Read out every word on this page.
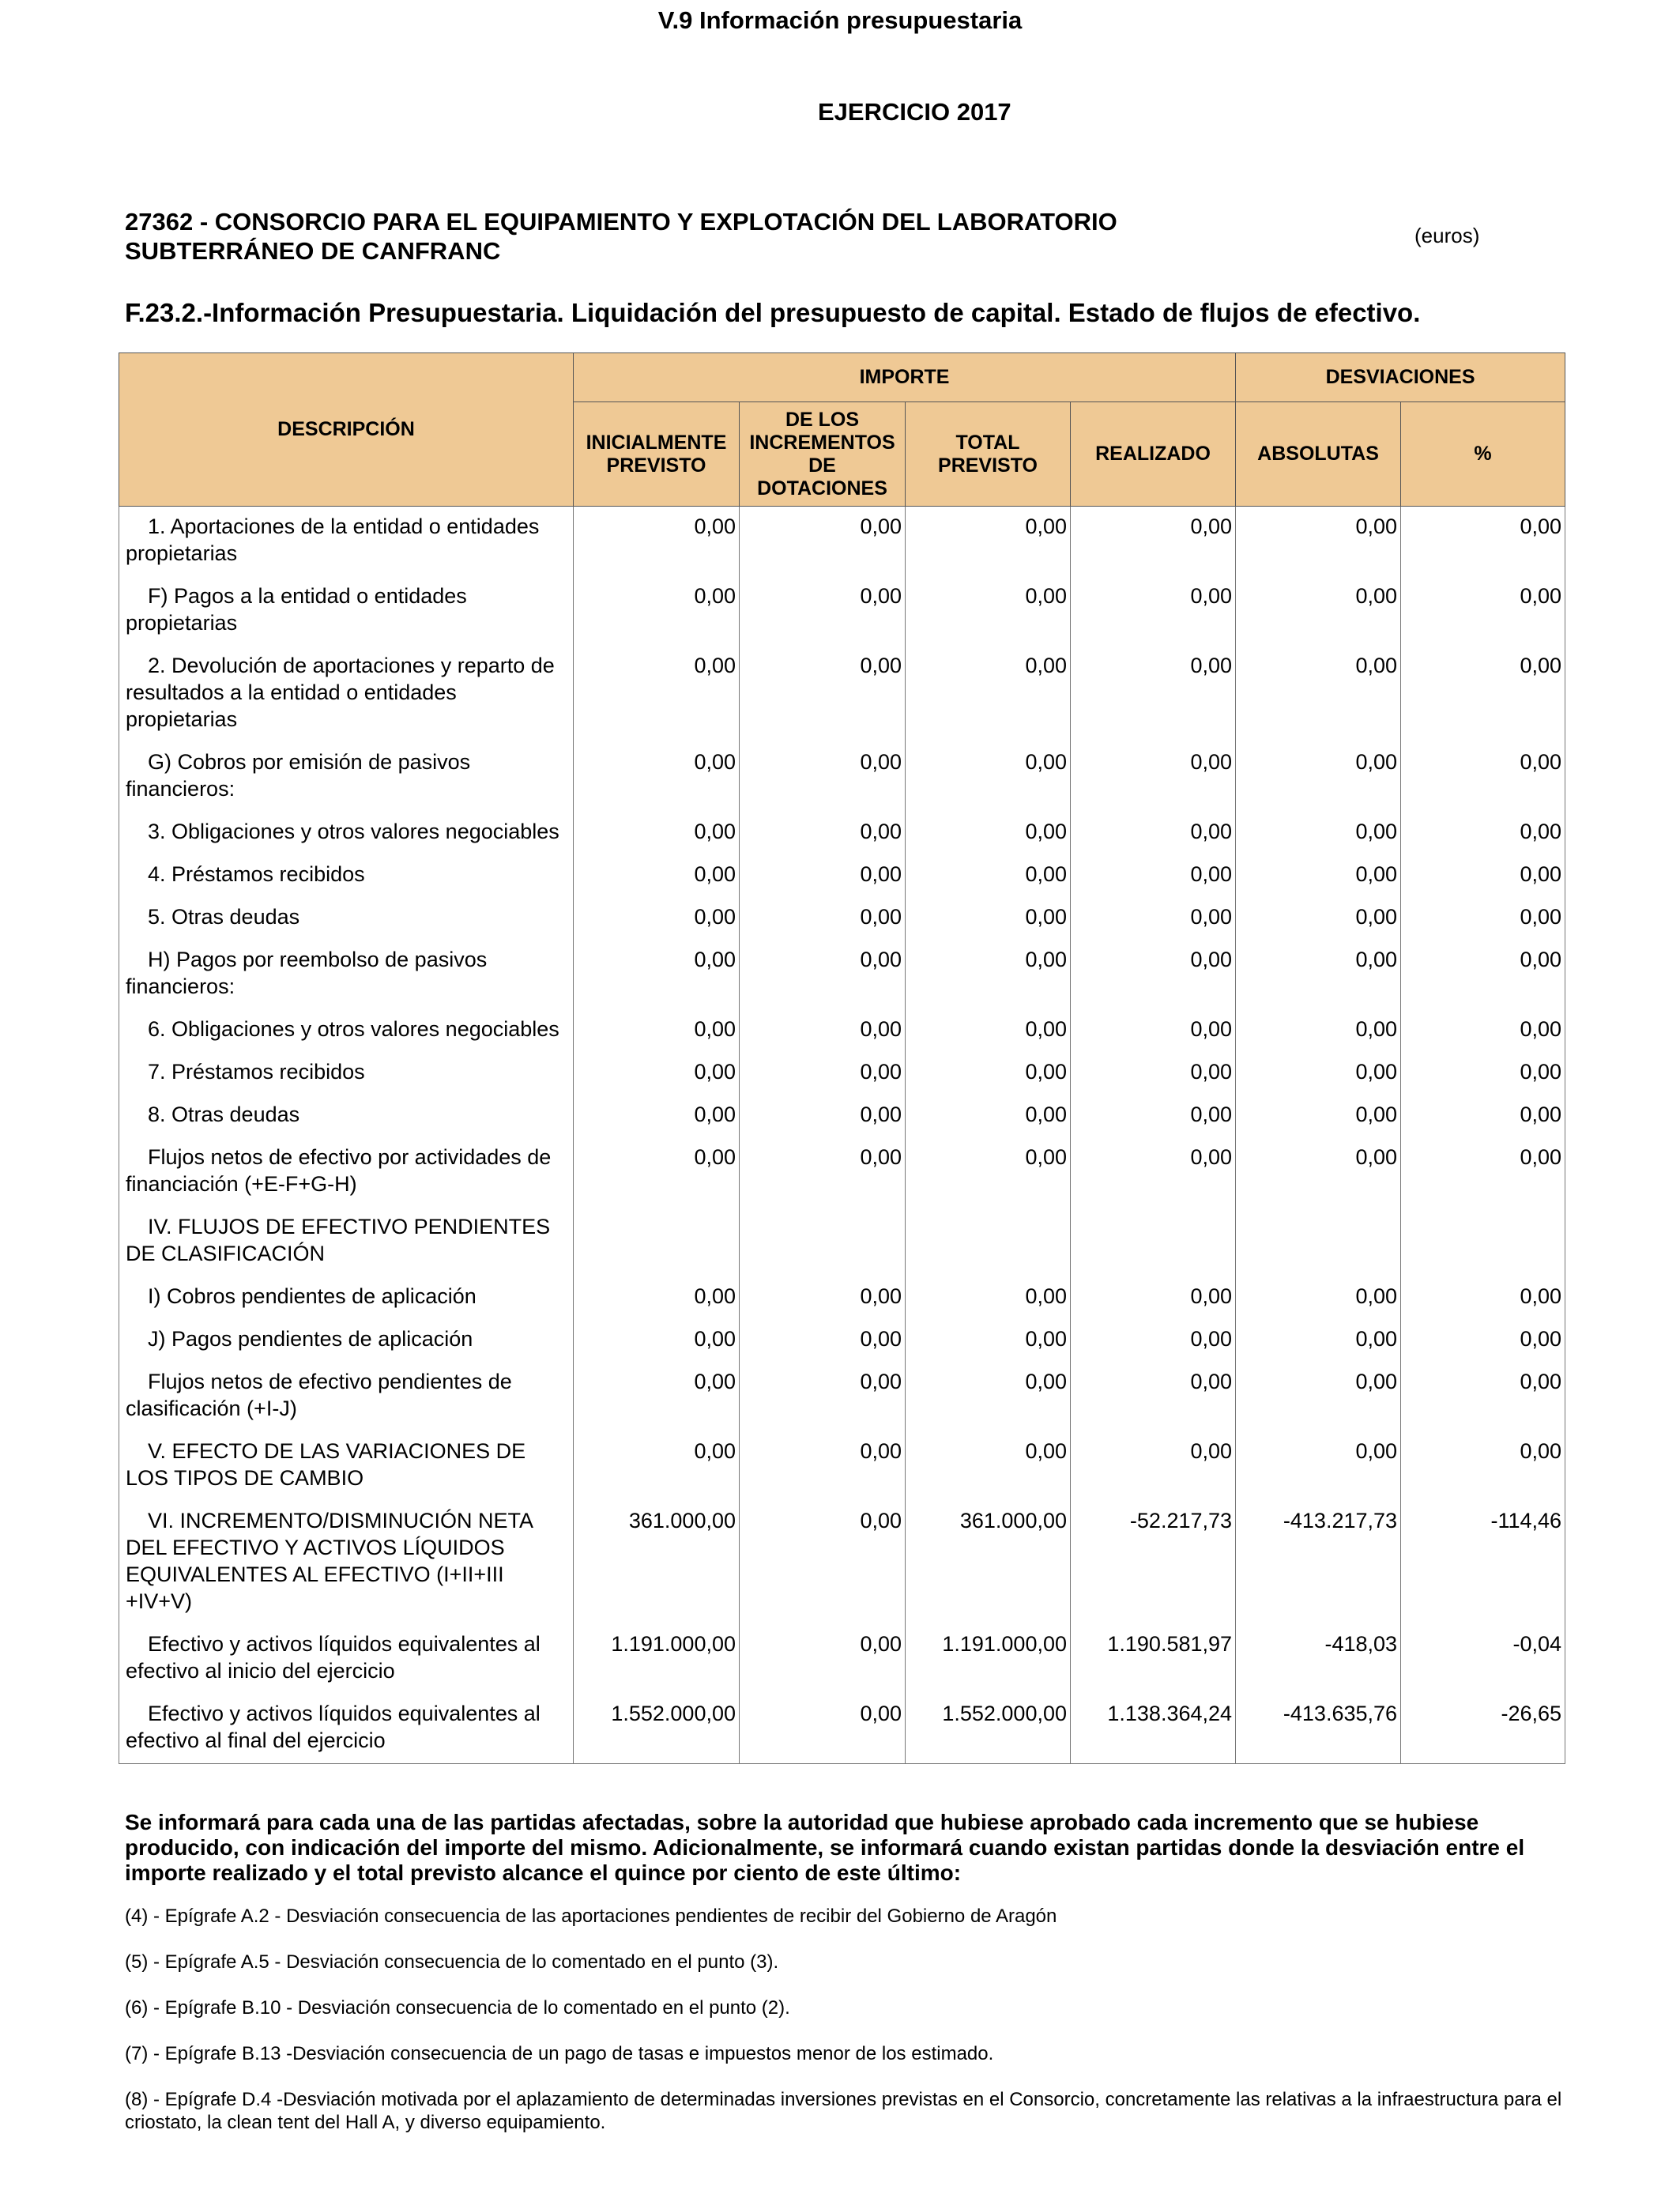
V.9 Información presupuestaria
EJERCICIO 2017
27362 - CONSORCIO PARA EL EQUIPAMIENTO Y EXPLOTACIÓN DEL LABORATORIO SUBTERRÁNEO DE CANFRANC
(euros)
F.23.2.-Información Presupuestaria. Liquidación del presupuesto de capital. Estado de flujos de efectivo.
DESCRIPCIÓN	IMPORTE				DESVIACIONES	
	INICIALMENTE PREVISTO	DE LOS INCREMENTOS DE DOTACIONES	TOTAL PREVISTO	REALIZADO	ABSOLUTAS	%

1. Aportaciones de la entidad o entidades propietarias	0,00	0,00	0,00	0,00	0,00	0,00

F) Pagos a la entidad o entidades propietarias	0,00	0,00	0,00	0,00	0,00	0,00

2. Devolución de aportaciones y reparto de resultados a la entidad o entidades propietarias	0,00	0,00	0,00	0,00	0,00	0,00

G) Cobros por emisión de pasivos financieros:	0,00	0,00	0,00	0,00	0,00	0,00

3. Obligaciones y otros valores negociables	0,00	0,00	0,00	0,00	0,00	0,00

4. Préstamos recibidos	0,00	0,00	0,00	0,00	0,00	0,00

5. Otras deudas	0,00	0,00	0,00	0,00	0,00	0,00

H) Pagos por reembolso de pasivos financieros:	0,00	0,00	0,00	0,00	0,00	0,00

6. Obligaciones y otros valores negociables	0,00	0,00	0,00	0,00	0,00	0,00

7. Préstamos recibidos	0,00	0,00	0,00	0,00	0,00	0,00

8. Otras deudas	0,00	0,00	0,00	0,00	0,00	0,00

Flujos netos de efectivo por actividades de financiación (+E-F+G-H)	0,00	0,00	0,00	0,00	0,00	0,00

IV. FLUJOS DE EFECTIVO PENDIENTES DE CLASIFICACIÓN						

I) Cobros pendientes de aplicación	0,00	0,00	0,00	0,00	0,00	0,00

J) Pagos pendientes de aplicación	0,00	0,00	0,00	0,00	0,00	0,00

Flujos netos de efectivo pendientes de clasificación (+I-J)	0,00	0,00	0,00	0,00	0,00	0,00

V. EFECTO DE LAS VARIACIONES DE LOS TIPOS DE CAMBIO	0,00	0,00	0,00	0,00	0,00	0,00

VI. INCREMENTO/DISMINUCIÓN NETA DEL EFECTIVO Y ACTIVOS LÍQUIDOS EQUIVALENTES AL EFECTIVO (I+II+III +IV+V)	361.000,00	0,00	361.000,00	-52.217,73	-413.217,73	-114,46

Efectivo y activos líquidos equivalentes al efectivo al inicio del ejercicio	1.191.000,00	0,00	1.191.000,00	1.190.581,97	-418,03	-0,04

Efectivo y activos líquidos equivalentes al efectivo al final del ejercicio	1.552.000,00	0,00	1.552.000,00	1.138.364,24	-413.635,76	-26,65
Se informará para cada una de las partidas afectadas, sobre la autoridad que hubiese aprobado cada incremento que se hubiese producido, con indicación del importe del mismo. Adicionalmente, se informará cuando existan partidas donde la desviación entre el importe realizado y el total previsto alcance el quince por ciento de este último:

(4) - Epígrafe A.2 - Desviación consecuencia de las aportaciones pendientes de recibir del Gobierno de Aragón

(5) - Epígrafe A.5 - Desviación consecuencia de lo comentado en el punto (3).

(6) - Epígrafe B.10 - Desviación consecuencia de lo comentado en el punto (2).

(7) - Epígrafe B.13 -Desviación consecuencia de un pago de tasas e impuestos menor de los estimado.

(8) - Epígrafe D.4 -Desviación motivada por el aplazamiento de determinadas inversiones previstas en el Consorcio, concretamente las relativas a la infraestructura para el criostato, la clean tent del Hall A, y diverso equipamiento.
